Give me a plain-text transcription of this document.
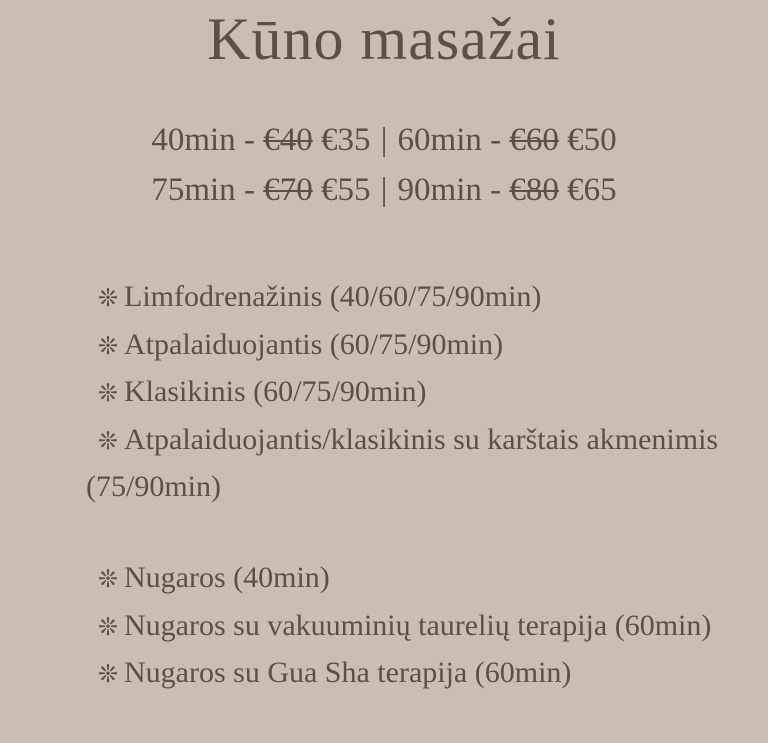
Kūno masažai
40min - €40 €35 | 60min - €60 €50
75min - €70 €55 | 90min - €80 €65
❊ Limfodrenažinis (40/60/75/90min)
❊ Atpalaiduojantis (60/75/90min)
❊ Klasikinis (60/75/90min)
❊ Atpalaiduojantis/klasikinis su karštais akmenimis (75/90min)
❊ Nugaros (40min)
❊ Nugaros su vakuuminių taurelių terapija (60min)
❊ Nugaros su Gua Sha terapija (60min)
